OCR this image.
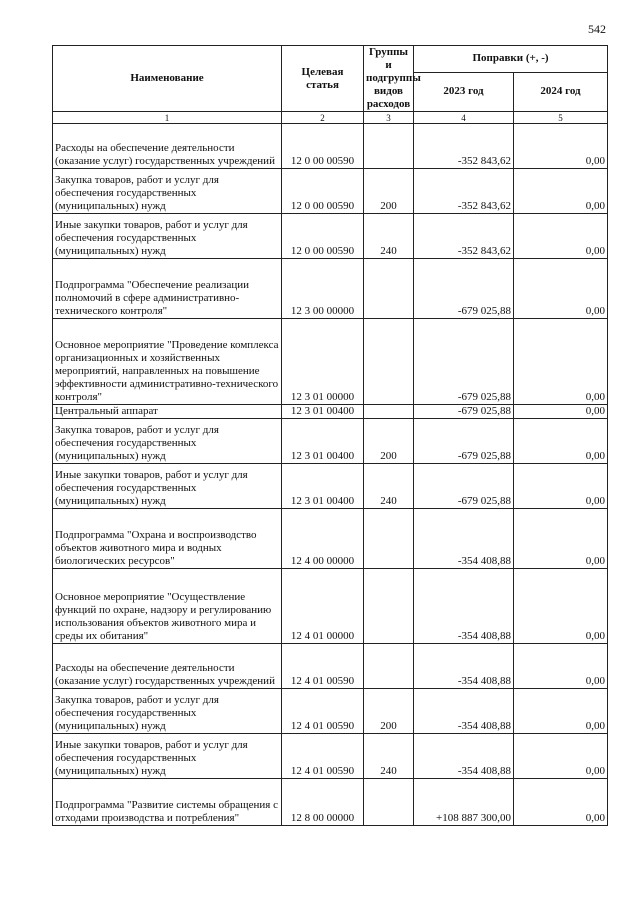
542
Наименование	Целевая статья	Группы и подгруппы видов расходов	Поправки (+, -)	
			2023 год	2024 год
1	2	3	4	5
Расходы на обеспечение деятельности (оказание услуг) государственных учреждений	12 0 00 00590		-352 843,62	0,00
Закупка товаров, работ и услуг для обеспечения государственных (муниципальных) нужд	12 0 00 00590	200	-352 843,62	0,00
Иные закупки товаров, работ и услуг для обеспечения государственных (муниципальных) нужд	12 0 00 00590	240	-352 843,62	0,00
Подпрограмма "Обеспечение реализации полномочий в сфере административно-технического контроля"	12 3 00 00000		-679 025,88	0,00
Основное мероприятие "Проведение комплекса организационных и хозяйственных мероприятий, направленных на повышение эффективности административно-технического контроля"	12 3 01 00000		-679 025,88	0,00
Центральный аппарат	12 3 01 00400		-679 025,88	0,00
Закупка товаров, работ и услуг для обеспечения государственных (муниципальных) нужд	12 3 01 00400	200	-679 025,88	0,00
Иные закупки товаров, работ и услуг для обеспечения государственных (муниципальных) нужд	12 3 01 00400	240	-679 025,88	0,00
Подпрограмма "Охрана и воспроизводство объектов животного мира и водных биологических ресурсов"	12 4 00 00000		-354 408,88	0,00
Основное мероприятие "Осуществление функций по охране, надзору и регулированию использования объектов животного мира и среды их обитания"	12 4 01 00000		-354 408,88	0,00
Расходы на обеспечение деятельности (оказание услуг) государственных учреждений	12 4 01 00590		-354 408,88	0,00
Закупка товаров, работ и услуг для обеспечения государственных (муниципальных) нужд	12 4 01 00590	200	-354 408,88	0,00
Иные закупки товаров, работ и услуг для обеспечения государственных (муниципальных) нужд	12 4 01 00590	240	-354 408,88	0,00
Подпрограмма "Развитие системы обращения с отходами производства и потребления"	12 8 00 00000		+108 887 300,00	0,00
